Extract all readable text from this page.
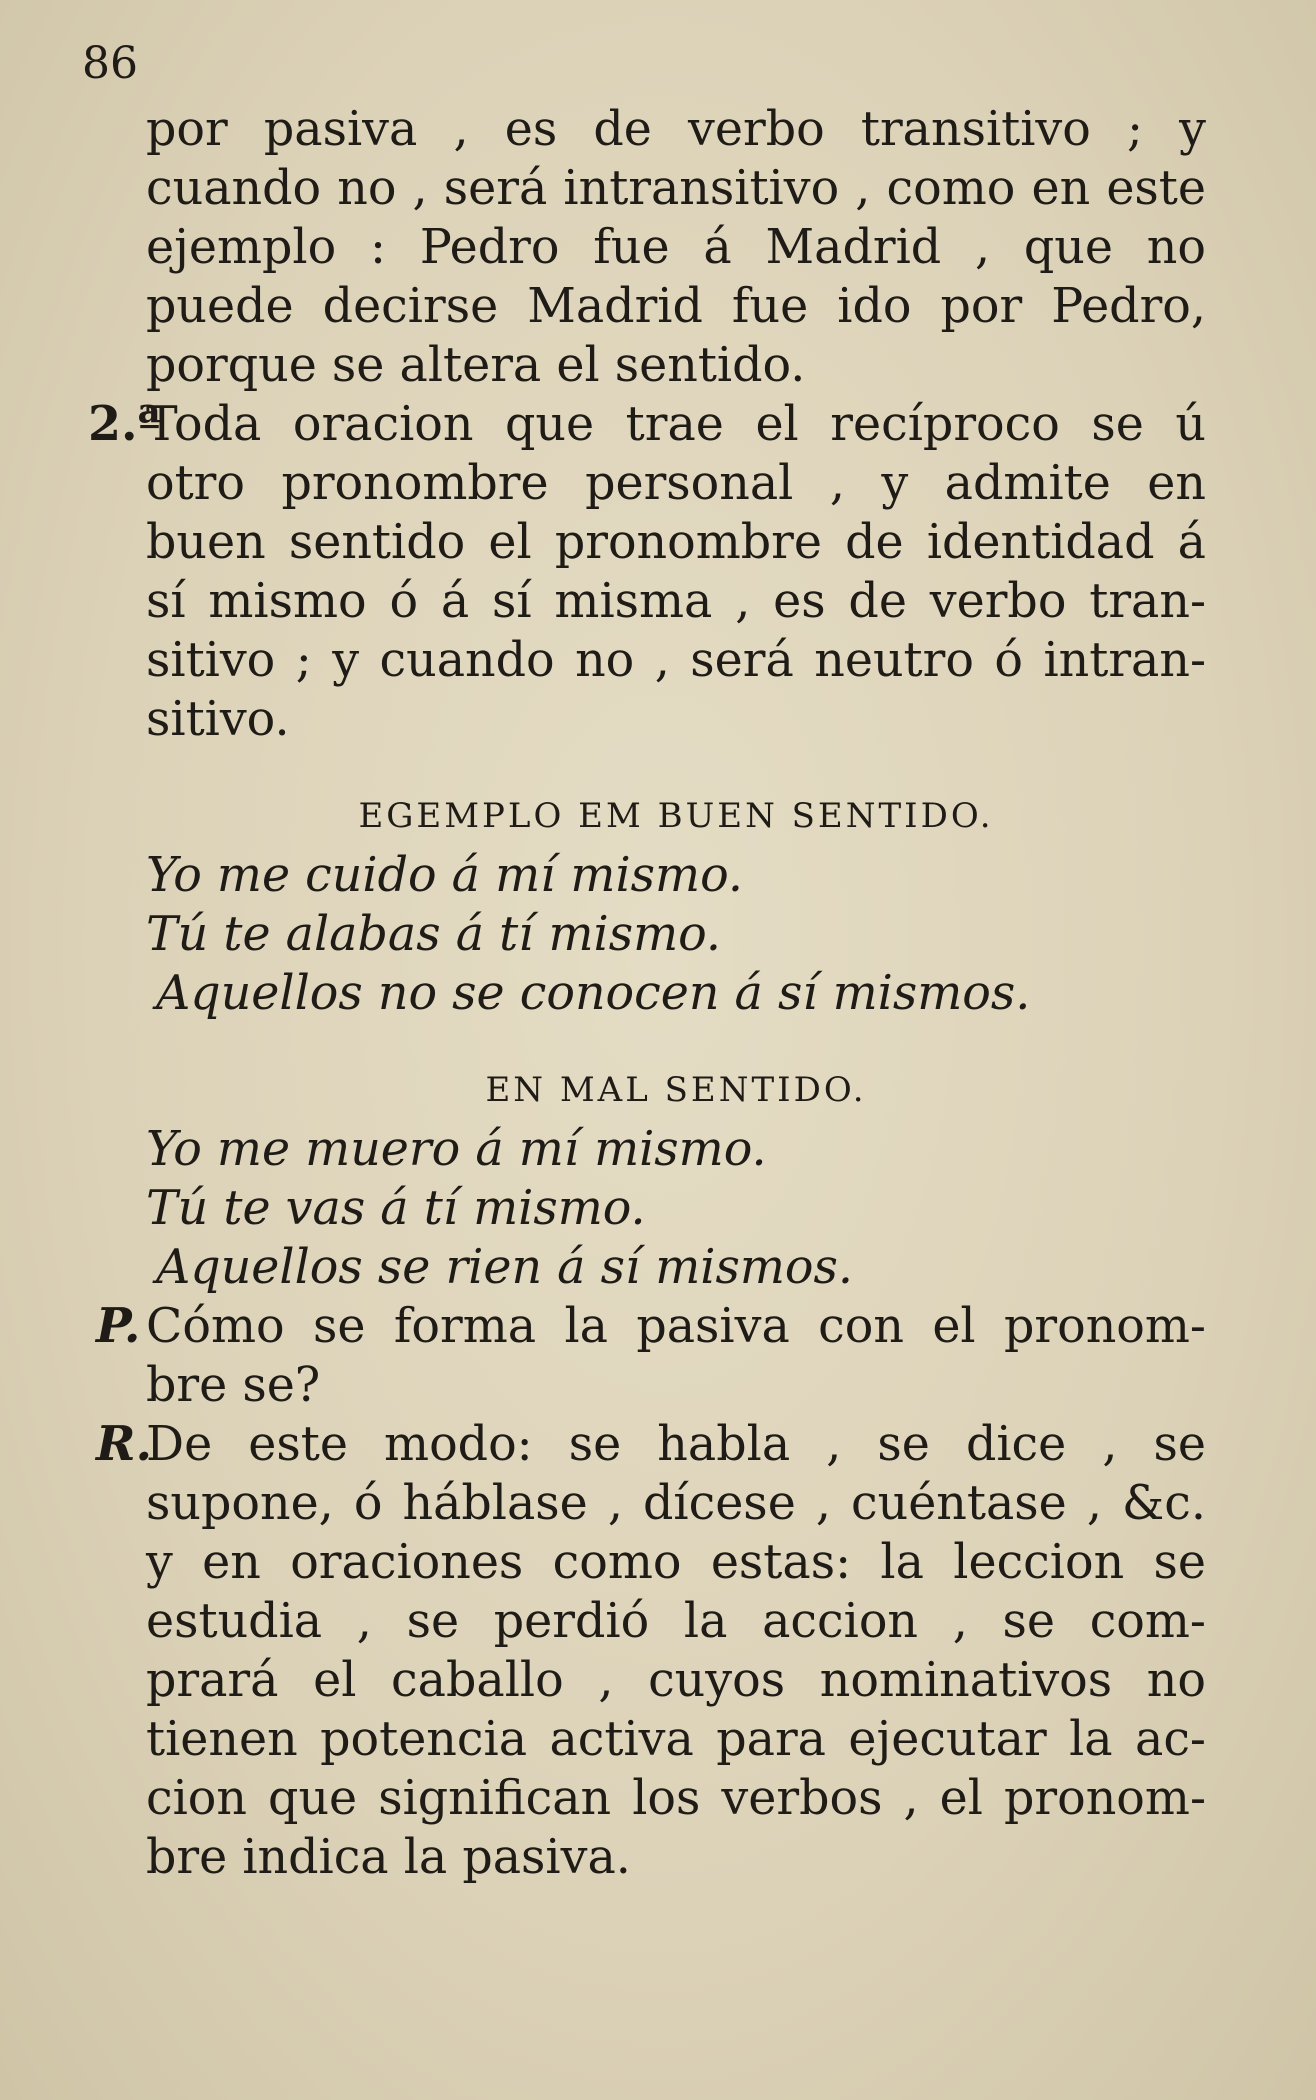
86
por pasiva , es de verbo transitivo ; y
cuando no , será intransitivo , como en este
ejemplo : Pedro fue á Madrid , que no
puede decirse Madrid fue ido por Pedro,
porque se altera el sentido.
2.ª
Toda oracion que trae el recíproco se ú
otro pronombre personal , y admite en
buen sentido el pronombre de identidad á
sí mismo ó á sí misma , es de verbo tran-
sitivo ; y cuando no , será neutro ó intran-
sitivo.
EGEMPLO EM BUEN SENTIDO.
Yo me cuido á mí mismo.
Tú te alabas á tí mismo.
Aquellos no se conocen á sí mismos.
EN MAL SENTIDO.
Yo me muero á mí mismo.
Tú te vas á tí mismo.
Aquellos se rien á sí mismos.
P. Cómo se forma la pasiva con el pronom-
bre se?
R.
De este modo: se habla , se dice , se
supone, ó háblase , dícese , cuéntase , &c.
y en oraciones como estas: la leccion se
estudia , se perdió la accion , se com-
prará el caballo , cuyos nominativos no
tienen potencia activa para ejecutar la ac-
cion que significan los verbos , el pronom-
bre indica la pasiva.
